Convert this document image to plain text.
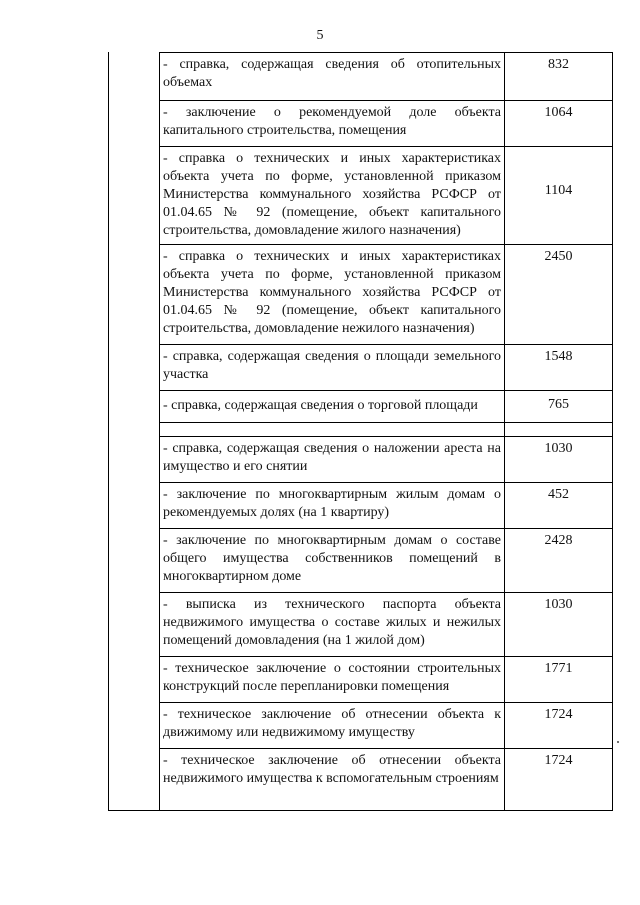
5
- справка, содержащая сведения об отопительных объемах
832
- заключение о рекомендуемой доле объекта капитального строительства, помещения
1064
- справка о технических и иных характеристиках объекта учета по форме, установленной приказом Министерства коммунального хозяйства РСФСР от 01.04.65 № 92 (помещение, объект капитального строительства, домовладение жилого назначения)
1104
- справка о технических и иных характеристиках объекта учета по форме, установленной приказом Министерства коммунального хозяйства РСФСР от 01.04.65 № 92 (помещение, объект капитального строительства, домовладение нежилого назначения)
2450
- справка, содержащая сведения о площади земельного участка
1548
- справка, содержащая сведения о торговой площади	765
- справка, содержащая сведения о наложении ареста на имущество и его снятии
1030
- заключение по многоквартирным жилым домам о рекомендуемых долях (на 1 квартиру)
452
- заключение по многоквартирным домам о составе общего имущества собственников помещений в многоквартирном доме
2428
- выписка из технического паспорта объекта недвижимого имущества о составе жилых и нежилых помещений домовладения (на 1 жилой дом)
1030
- техническое заключение о состоянии строительных конструкций после перепланировки помещения
1771
- техническое заключение об отнесении объекта к движимому или недвижимому имуществу
1724
- техническое заключение об отнесении объекта недвижимого имущества к вспомогательным строениям
1724
